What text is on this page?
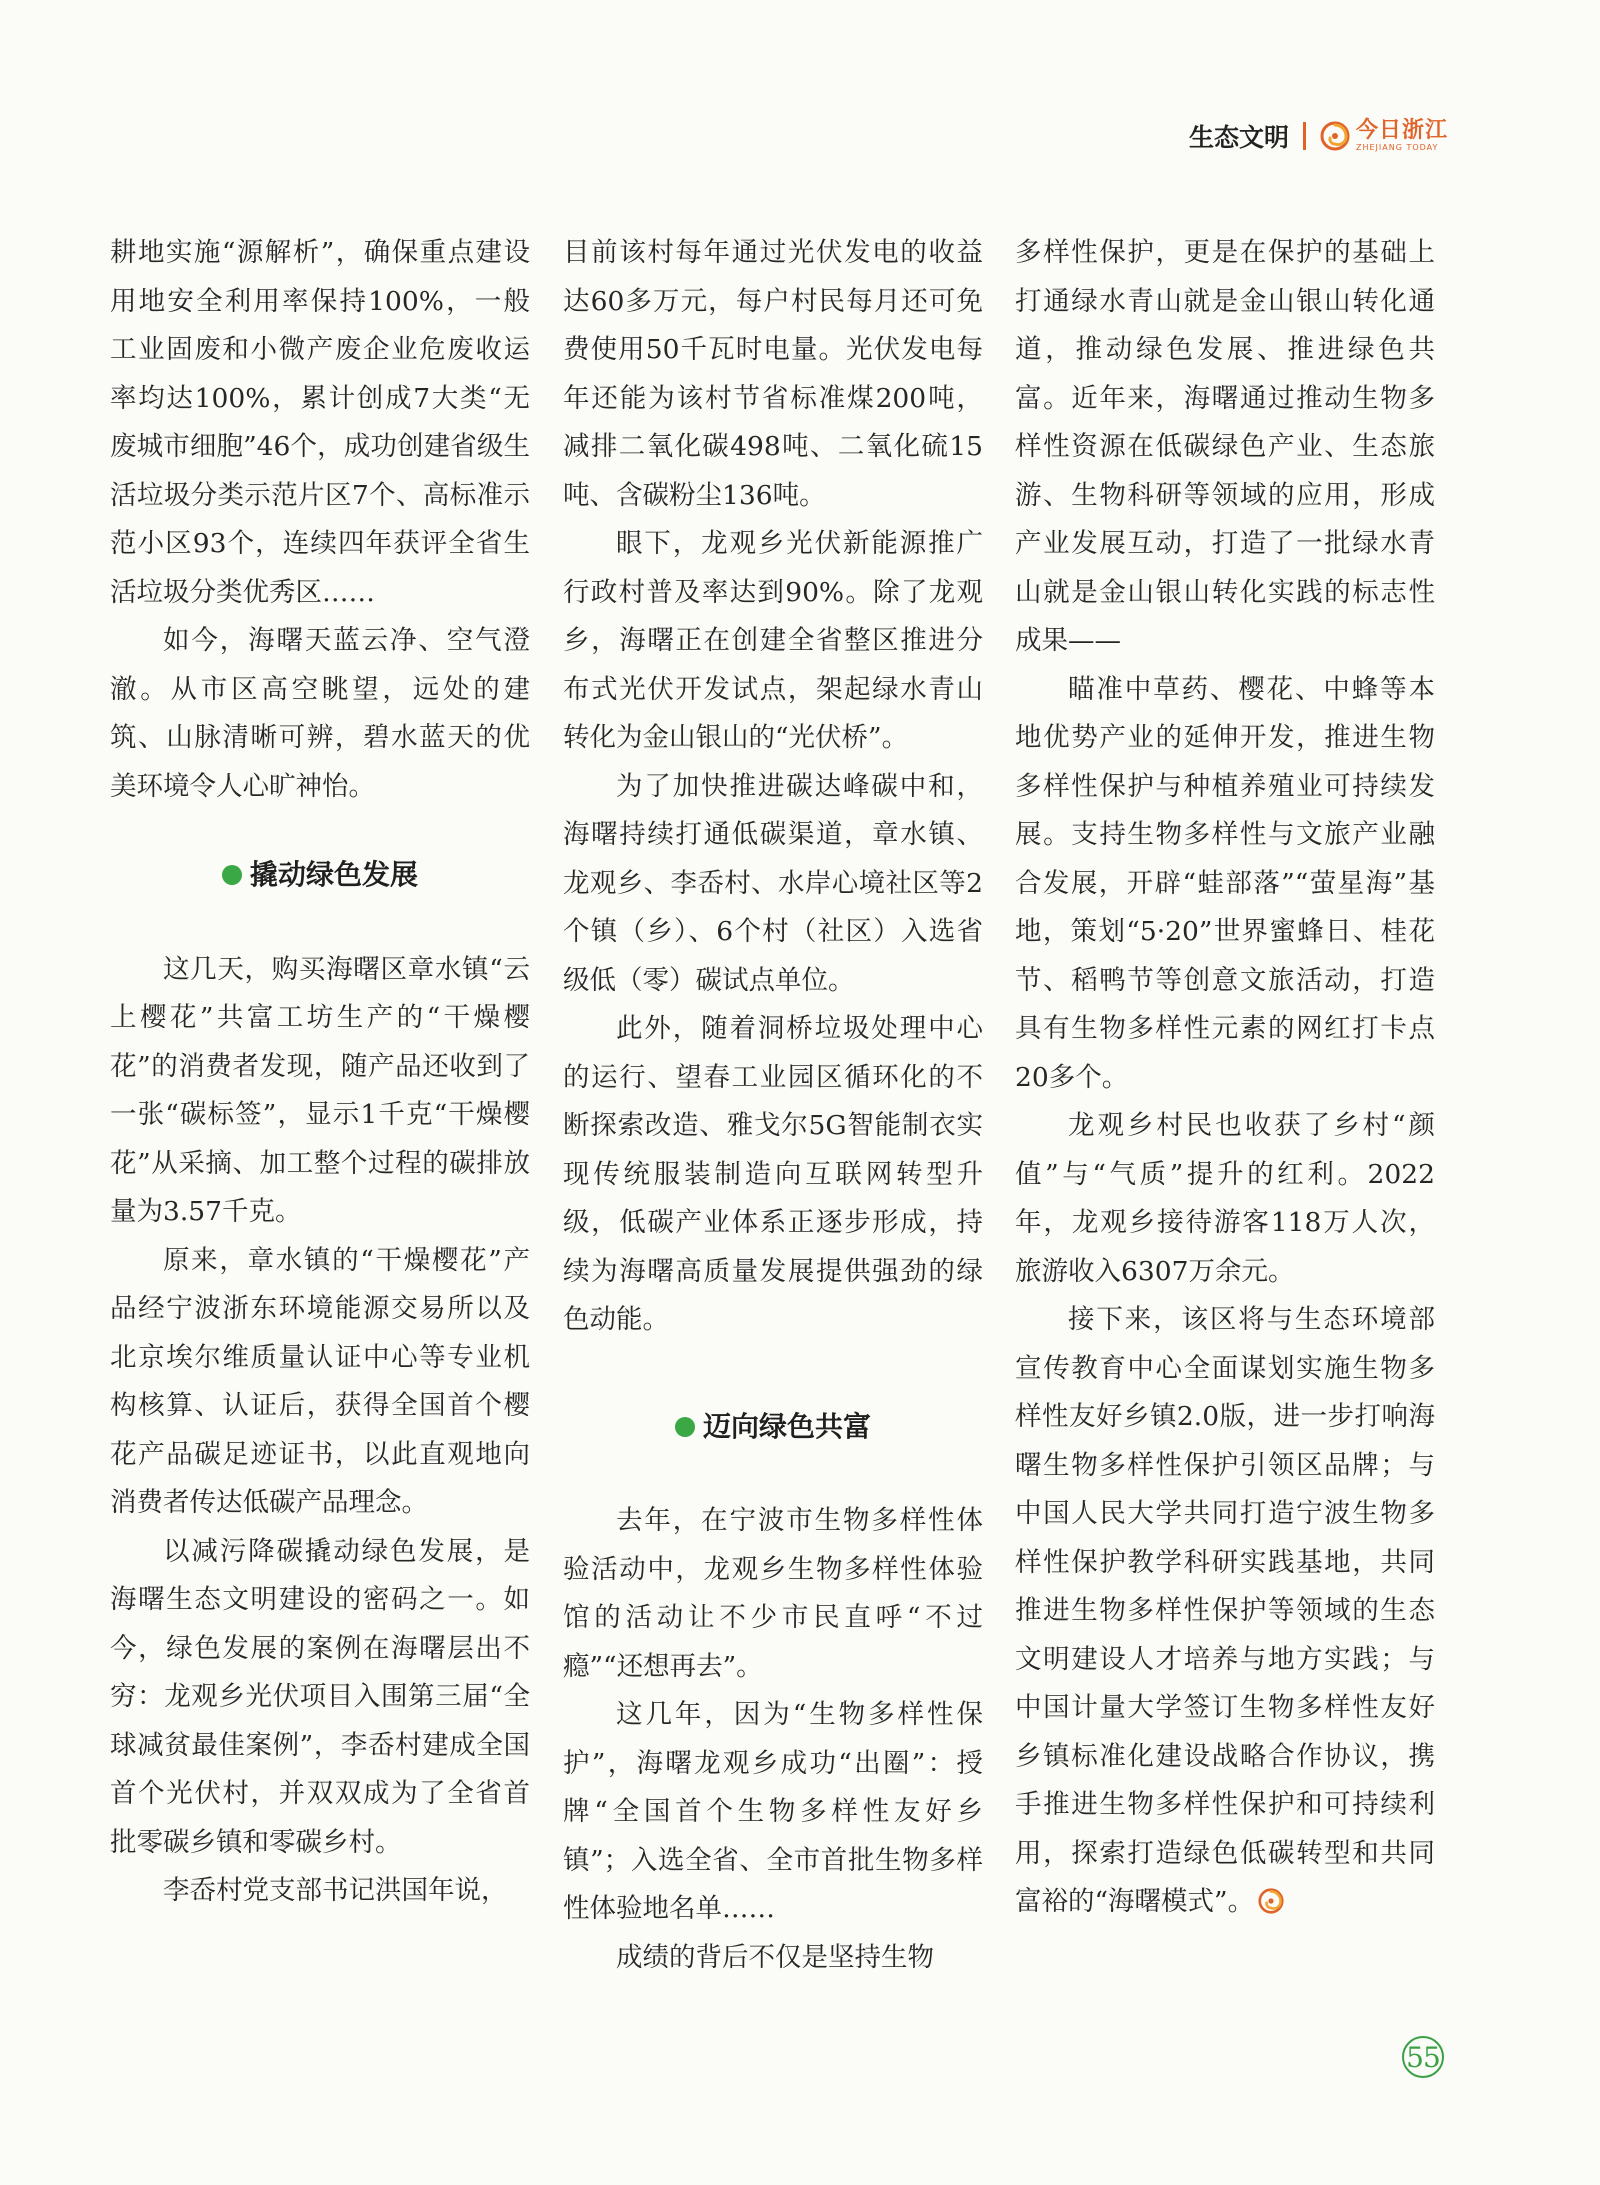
生态文明	今日浙江
ZHEJIANG TODAY

耕地实施“源解析”，确保重点建设用地安全利用率保持100%，一般工业固废和小微产废企业危废收运率均达100%，累计创成7大类“无废城市细胞”46个，成功创建省级生活垃圾分类示范片区7个、高标准示范小区93个，连续四年获评全省生活垃圾分类优秀区……

如今，海曙天蓝云净、空气澄澈。从市区高空眺望，远处的建筑、山脉清晰可辨，碧水蓝天的优美环境令人心旷神怡。

撬动绿色发展

这几天，购买海曙区章水镇“云上樱花”共富工坊生产的“干燥樱花”的消费者发现，随产品还收到了一张“碳标签”，显示1千克“干燥樱花”从采摘、加工整个过程的碳排放量为3.57千克。

原来，章水镇的“干燥樱花”产品经宁波浙东环境能源交易所以及北京埃尔维质量认证中心等专业机构核算、认证后，获得全国首个樱花产品碳足迹证书，以此直观地向消费者传达低碳产品理念。

以减污降碳撬动绿色发展，是海曙生态文明建设的密码之一。如今，绿色发展的案例在海曙层出不穷：龙观乡光伏项目入围第三届“全球减贫最佳案例”，李岙村建成全国首个光伏村，并双双成为了全省首批零碳乡镇和零碳乡村。

李岙村党支部书记洪国年说，

目前该村每年通过光伏发电的收益达60多万元，每户村民每月还可免费使用50千瓦时电量。光伏发电每年还能为该村节省标准煤200吨，减排二氧化碳498吨、二氧化硫15吨、含碳粉尘136吨。

眼下，龙观乡光伏新能源推广行政村普及率达到90%。除了龙观乡，海曙正在创建全省整区推进分布式光伏开发试点，架起绿水青山转化为金山银山的“光伏桥”。

为了加快推进碳达峰碳中和，海曙持续打通低碳渠道，章水镇、龙观乡、李岙村、水岸心境社区等2个镇（乡）、6个村（社区）入选省级低（零）碳试点单位。

此外，随着洞桥垃圾处理中心的运行、望春工业园区循环化的不断探索改造、雅戈尔5G智能制衣实现传统服装制造向互联网转型升级，低碳产业体系正逐步形成，持续为海曙高质量发展提供强劲的绿色动能。

迈向绿色共富

去年，在宁波市生物多样性体验活动中，龙观乡生物多样性体验馆的活动让不少市民直呼“不过瘾”“还想再去”。

这几年，因为“生物多样性保护”，海曙龙观乡成功“出圈”：授牌“全国首个生物多样性友好乡镇”；入选全省、全市首批生物多样性体验地名单……

成绩的背后不仅是坚持生物

多样性保护，更是在保护的基础上打通绿水青山就是金山银山转化通道，推动绿色发展、推进绿色共富。近年来，海曙通过推动生物多样性资源在低碳绿色产业、生态旅游、生物科研等领域的应用，形成产业发展互动，打造了一批绿水青山就是金山银山转化实践的标志性成果——

瞄准中草药、樱花、中蜂等本地优势产业的延伸开发，推进生物多样性保护与种植养殖业可持续发展。支持生物多样性与文旅产业融合发展，开辟“蛙部落”“萤星海”基地，策划“5·20”世界蜜蜂日、桂花节、稻鸭节等创意文旅活动，打造具有生物多样性元素的网红打卡点20多个。

龙观乡村民也收获了乡村“颜值”与“气质”提升的红利。2022年，龙观乡接待游客118万人次，旅游收入6307万余元。

接下来，该区将与生态环境部宣传教育中心全面谋划实施生物多样性友好乡镇2.0版，进一步打响海曙生物多样性保护引领区品牌；与中国人民大学共同打造宁波生物多样性保护教学科研实践基地，共同推进生物多样性保护等领域的生态文明建设人才培养与地方实践；与中国计量大学签订生物多样性友好乡镇标准化建设战略合作协议，携手推进生物多样性保护和可持续利用，探索打造绿色低碳转型和共同富裕的“海曙模式”。

55
